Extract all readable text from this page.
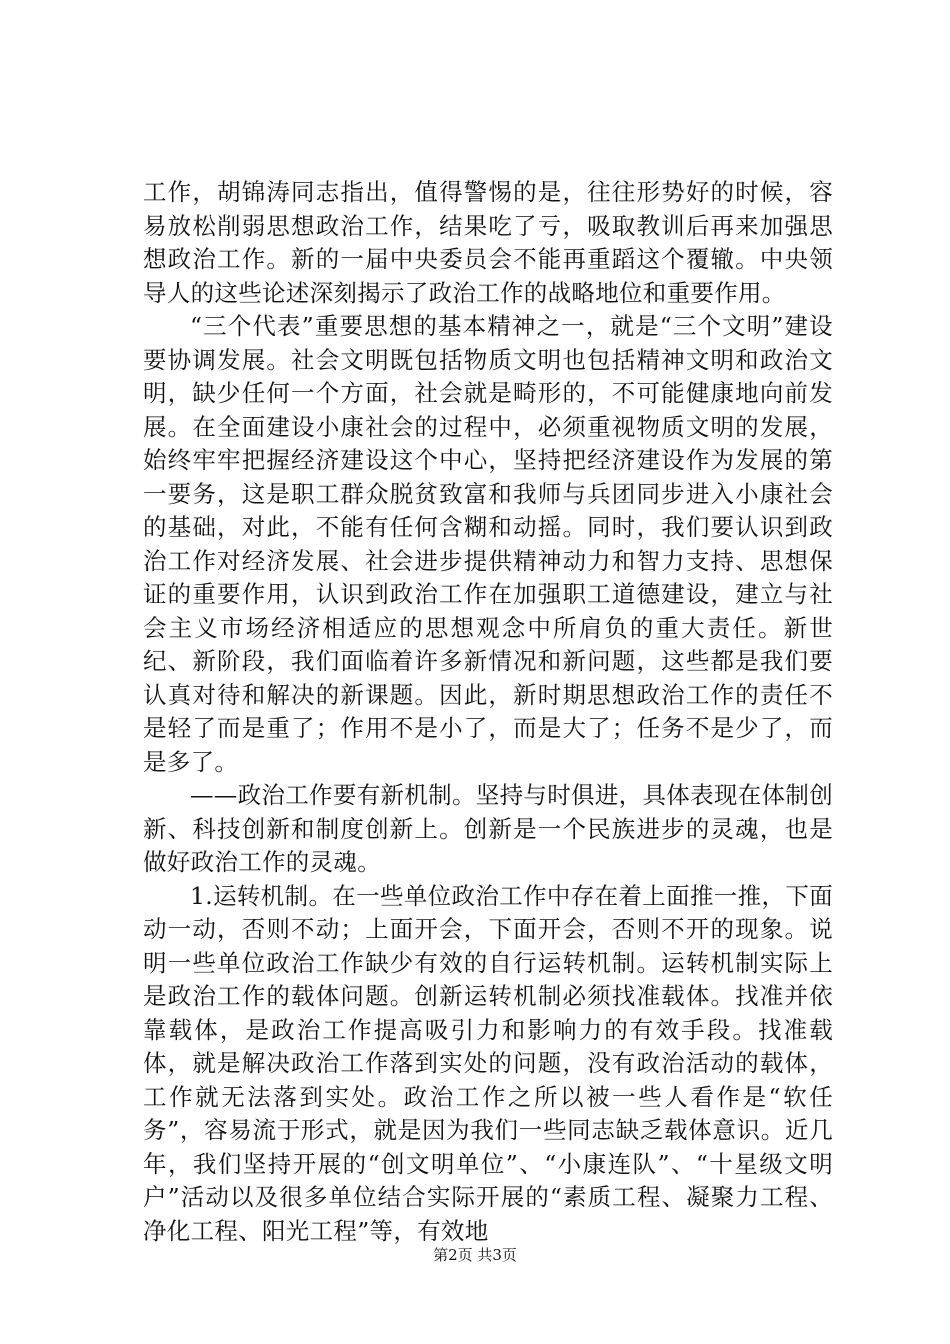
工作，胡锦涛同志指出，值得警惕的是，往往形势好的时候，容易放松削弱思想政治工作，结果吃了亏，吸取教训后再来加强思想政治工作。新的一届中央委员会不能再重蹈这个覆辙。中央领导人的这些论述深刻揭示了政治工作的战略地位和重要作用。

“三个代表”重要思想的基本精神之一，就是“三个文明”建设要协调发展。社会文明既包括物质文明也包括精神文明和政治文明，缺少任何一个方面，社会就是畸形的，不可能健康地向前发展。在全面建设小康社会的过程中，必须重视物质文明的发展，始终牢牢把握经济建设这个中心，坚持把经济建设作为发展的第一要务，这是职工群众脱贫致富和我师与兵团同步进入小康社会的基础，对此，不能有任何含糊和动摇。同时，我们要认识到政治工作对经济发展、社会进步提供精神动力和智力支持、思想保证的重要作用，认识到政治工作在加强职工道德建设，建立与社会主义市场经济相适应的思想观念中所肩负的重大责任。新世纪、新阶段，我们面临着许多新情况和新问题，这些都是我们要认真对待和解决的新课题。因此，新时期思想政治工作的责任不是轻了而是重了；作用不是小了，而是大了；任务不是少了，而是多了。

——政治工作要有新机制。坚持与时俱进，具体表现在体制创新、科技创新和制度创新上。创新是一个民族进步的灵魂，也是做好政治工作的灵魂。

1.运转机制。在一些单位政治工作中存在着上面推一推，下面动一动，否则不动；上面开会，下面开会，否则不开的现象。说明一些单位政治工作缺少有效的自行运转机制。运转机制实际上是政治工作的载体问题。创新运转机制必须找准载体。找准并依靠载体，是政治工作提高吸引力和影响力的有效手段。找准载体，就是解决政治工作落到实处的问题，没有政治活动的载体，工作就无法落到实处。政治工作之所以被一些人看作是“软任务”，容易流于形式，就是因为我们一些同志缺乏载体意识。近几年，我们坚持开展的“创文明单位”、“小康连队”、“十星级文明户”活动以及很多单位结合实际开展的“素质工程、凝聚力工程、净化工程、阳光工程”等，有效地

第2页 共3页
